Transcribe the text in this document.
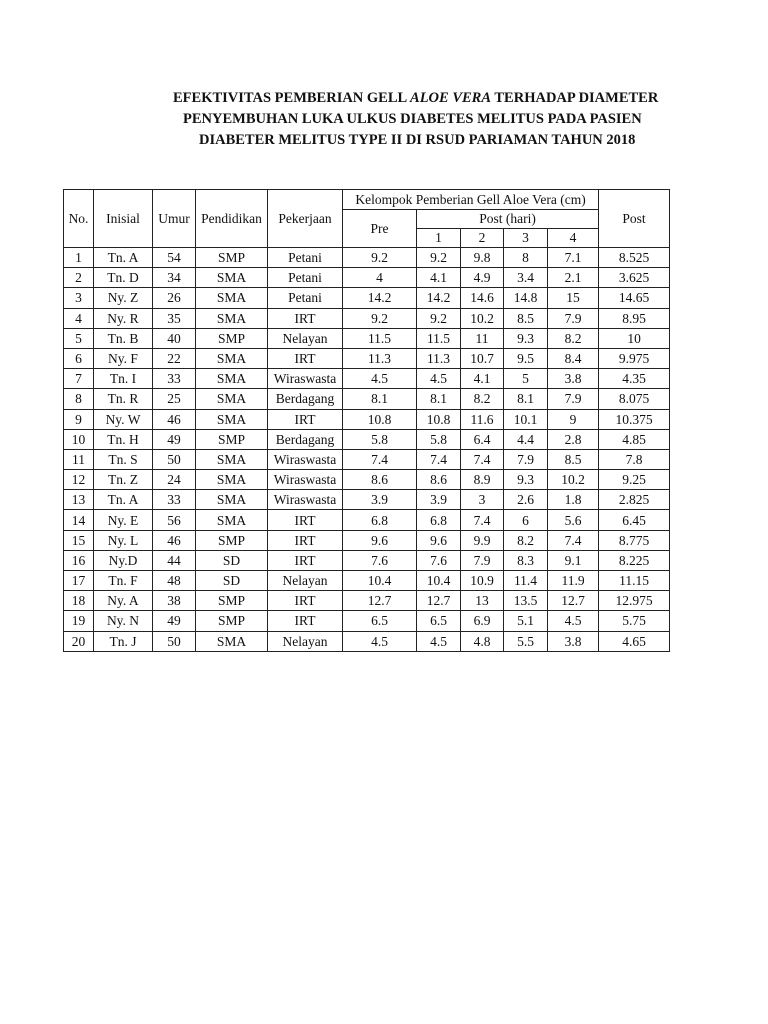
EFEKTIVITAS PEMBERIAN GELL ALOE VERA TERHADAP DIAMETER
PENYEMBUHAN LUKA ULKUS DIABETES MELITUS PADA PASIEN
DIABETER MELITUS TYPE II DI RSUD PARIAMAN TAHUN 2018
No.	Inisial	Umur	Pendidikan	Pekerjaan	Kelompok Pemberian Gell Aloe Vera (cm)					Post
					Pre	Post (hari)				
						1	2	3	4	
1	Tn. A	54	SMP	Petani	9.2	9.2	9.8	8	7.1	8.525
2	Tn. D	34	SMA	Petani	4	4.1	4.9	3.4	2.1	3.625
3	Ny. Z	26	SMA	Petani	14.2	14.2	14.6	14.8	15	14.65
4	Ny. R	35	SMA	IRT	9.2	9.2	10.2	8.5	7.9	8.95
5	Tn. B	40	SMP	Nelayan	11.5	11.5	11	9.3	8.2	10
6	Ny. F	22	SMA	IRT	11.3	11.3	10.7	9.5	8.4	9.975
7	Tn. I	33	SMA	Wiraswasta	4.5	4.5	4.1	5	3.8	4.35
8	Tn. R	25	SMA	Berdagang	8.1	8.1	8.2	8.1	7.9	8.075
9	Ny. W	46	SMA	IRT	10.8	10.8	11.6	10.1	9	10.375
10	Tn. H	49	SMP	Berdagang	5.8	5.8	6.4	4.4	2.8	4.85
11	Tn. S	50	SMA	Wiraswasta	7.4	7.4	7.4	7.9	8.5	7.8
12	Tn. Z	24	SMA	Wiraswasta	8.6	8.6	8.9	9.3	10.2	9.25
13	Tn. A	33	SMA	Wiraswasta	3.9	3.9	3	2.6	1.8	2.825
14	Ny. E	56	SMA	IRT	6.8	6.8	7.4	6	5.6	6.45
15	Ny. L	46	SMP	IRT	9.6	9.6	9.9	8.2	7.4	8.775
16	Ny.D	44	SD	IRT	7.6	7.6	7.9	8.3	9.1	8.225
17	Tn. F	48	SD	Nelayan	10.4	10.4	10.9	11.4	11.9	11.15
18	Ny. A	38	SMP	IRT	12.7	12.7	13	13.5	12.7	12.975
19	Ny. N	49	SMP	IRT	6.5	6.5	6.9	5.1	4.5	5.75
20	Tn. J	50	SMA	Nelayan	4.5	4.5	4.8	5.5	3.8	4.65
